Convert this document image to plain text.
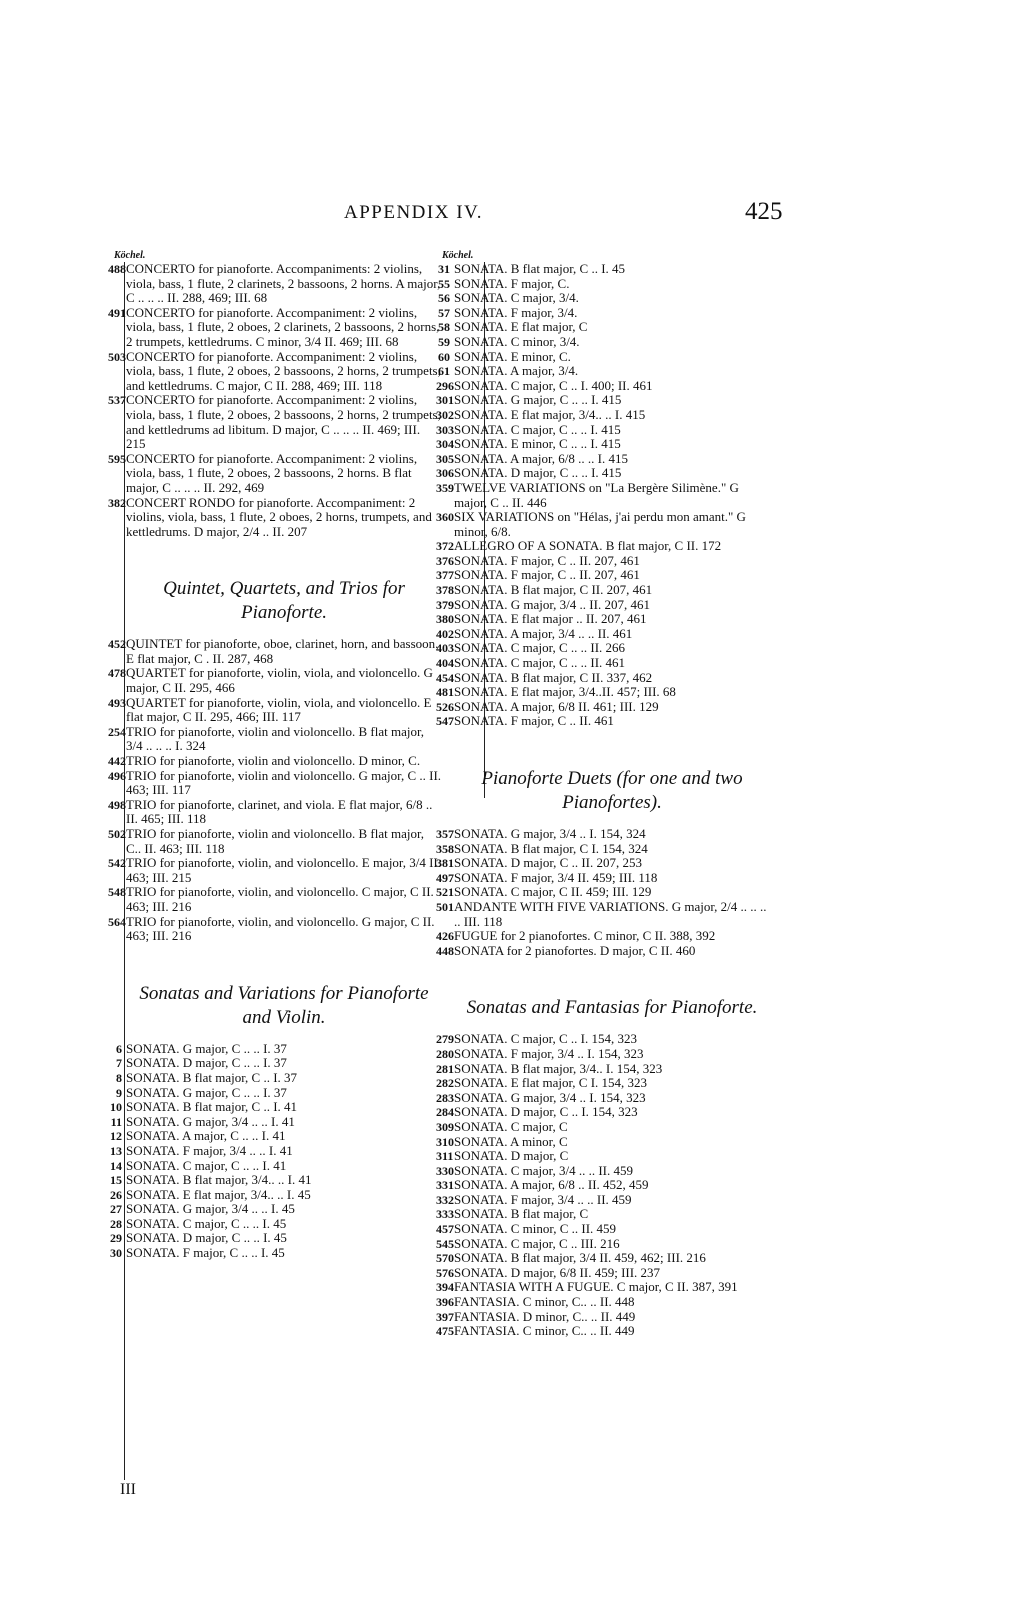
APPENDIX IV.	425
Köchel.	Köchel.

488 CONCERTO for pianoforte. Accompaniments: 2 violins, viola, bass, 1 flute, 2 clarinets, 2 bassoons, 2 horns. A major, C .. .. .. II. 288, 469; III. 68

491 CONCERTO for pianoforte. Accompaniment: 2 violins, viola, bass, 1 flute, 2 oboes, 2 clarinets, 2 bassoons, 2 horns, 2 trumpets, kettledrums. C minor, 3/4 II. 469; III. 68

503 CONCERTO for pianoforte. Accompaniment: 2 violins, viola, bass, 1 flute, 2 oboes, 2 bassoons, 2 horns, 2 trumpets, and kettledrums. C major, C II. 288, 469; III. 118

537 CONCERTO for pianoforte. Accompaniment: 2 violins, viola, bass, 1 flute, 2 oboes, 2 bassoons, 2 horns, 2 trumpets, and kettledrums ad libitum. D major, C .. .. .. II. 469; III. 215

595 CONCERTO for pianoforte. Accompaniment: 2 violins, viola, bass, 1 flute, 2 oboes, 2 bassoons, 2 horns. B flat major, C .. .. .. II. 292, 469

382 CONCERT RONDO for pianoforte. Accompaniment: 2 violins, viola, bass, 1 flute, 2 oboes, 2 horns, trumpets, and kettledrums. D major, 2/4 .. II. 207

Quintet, Quartets, and Trios for Pianoforte.

452 QUINTET for pianoforte, oboe, clarinet, horn, and bassoon. E flat major, C . II. 287, 468

478 QUARTET for pianoforte, violin, viola, and violoncello. G major, C II. 295, 466

493 QUARTET for pianoforte, violin, viola, and violoncello. E flat major, C II. 295, 466; III. 117

254 TRIO for pianoforte, violin and violoncello. B flat major, 3/4 .. .. .. I. 324

442 TRIO for pianoforte, violin and violoncello. D minor, C.

496 TRIO for pianoforte, violin and violoncello. G major, C .. II. 463; III. 117

498 TRIO for pianoforte, clarinet, and viola. E flat major, 6/8 .. II. 465; III. 118

502 TRIO for pianoforte, violin and violoncello. B flat major, C.. II. 463; III. 118

542 TRIO for pianoforte, violin, and violoncello. E major, 3/4 II. 463; III. 215

548 TRIO for pianoforte, violin, and violoncello. C major, C II. 463; III. 216

564 TRIO for pianoforte, violin, and violoncello. G major, C II. 463; III. 216

Sonatas and Variations for Pianoforte and Violin.

6 SONATA. G major, C .. .. I. 37

7 SONATA. D major, C .. .. I. 37

8 SONATA. B flat major, C .. I. 37

9 SONATA. G major, C .. .. I. 37

10 SONATA. B flat major, C .. I. 41

11 SONATA. G major, 3/4 .. .. I. 41

12 SONATA. A major, C .. .. I. 41

13 SONATA. F major, 3/4 .. .. I. 41

14 SONATA. C major, C .. .. I. 41

15 SONATA. B flat major, 3/4.. .. I. 41

26 SONATA. E flat major, 3/4.. .. I. 45

27 SONATA. G major, 3/4 .. .. I. 45

28 SONATA. C major, C .. .. I. 45

29 SONATA. D major, C .. .. I. 45

30 SONATA. F major, C .. .. I. 45

31 SONATA. B flat major, C .. I. 45

55 SONATA. F major, C.

56 SONATA. C major, 3/4.

57 SONATA. F major, 3/4.

58 SONATA. E flat major, C

59 SONATA. C minor, 3/4.

60 SONATA. E minor, C.

61 SONATA. A major, 3/4.

296 SONATA. C major, C .. I. 400; II. 461

301 SONATA. G major, C .. .. I. 415

302 SONATA. E flat major, 3/4.. .. I. 415

303 SONATA. C major, C .. .. I. 415

304 SONATA. E minor, C .. .. I. 415

305 SONATA. A major, 6/8 .. .. I. 415

306 SONATA. D major, C .. .. I. 415

359 TWELVE VARIATIONS on "La Bergère Silimène." G major, C .. II. 446

360 SIX VARIATIONS on "Hélas, j'ai perdu mon amant." G minor, 6/8.

372 ALLEGRO OF A SONATA. B flat major, C II. 172

376 SONATA. F major, C .. II. 207, 461

377 SONATA. F major, C .. II. 207, 461

378 SONATA. B flat major, C II. 207, 461

379 SONATA. G major, 3/4 .. II. 207, 461

380 SONATA. E flat major .. II. 207, 461

402 SONATA. A major, 3/4 .. .. II. 461

403 SONATA. C major, C .. .. II. 266

404 SONATA. C major, C .. .. II. 461

454 SONATA. B flat major, C II. 337, 462

481 SONATA. E flat major, 3/4..II. 457; III. 68

526 SONATA. A major, 6/8 II. 461; III. 129

547 SONATA. F major, C .. II. 461

Pianoforte Duets (for one and two Pianofortes).

357 SONATA. G major, 3/4 .. I. 154, 324

358 SONATA. B flat major, C I. 154, 324

381 SONATA. D major, C .. II. 207, 253

497 SONATA. F major, 3/4 II. 459; III. 118

521 SONATA. C major, C II. 459; III. 129

501 ANDANTE WITH FIVE VARIATIONS. G major, 2/4 .. .. .. .. III. 118

426 FUGUE for 2 pianofortes. C minor, C II. 388, 392

448 SONATA for 2 pianofortes. D major, C II. 460

Sonatas and Fantasias for Pianoforte.

279 SONATA. C major, C .. I. 154, 323

280 SONATA. F major, 3/4 .. I. 154, 323

281 SONATA. B flat major, 3/4.. I. 154, 323

282 SONATA. E flat major, C I. 154, 323

283 SONATA. G major, 3/4 .. I. 154, 323

284 SONATA. D major, C .. I. 154, 323

309 SONATA. C major, C

310 SONATA. A minor, C

311 SONATA. D major, C

330 SONATA. C major, 3/4 .. .. II. 459

331 SONATA. A major, 6/8 .. II. 452, 459

332 SONATA. F major, 3/4 .. .. II. 459

333 SONATA. B flat major, C

457 SONATA. C minor, C .. II. 459

545 SONATA. C major, C .. III. 216

570 SONATA. B flat major, 3/4 II. 459, 462; III. 216

576 SONATA. D major, 6/8 II. 459; III. 237

394 FANTASIA WITH A FUGUE. C major, C II. 387, 391

396 FANTASIA. C minor, C.. .. II. 448

397 FANTASIA. D minor, C.. .. II. 449

475 FANTASIA. C minor, C.. .. II. 449

III
